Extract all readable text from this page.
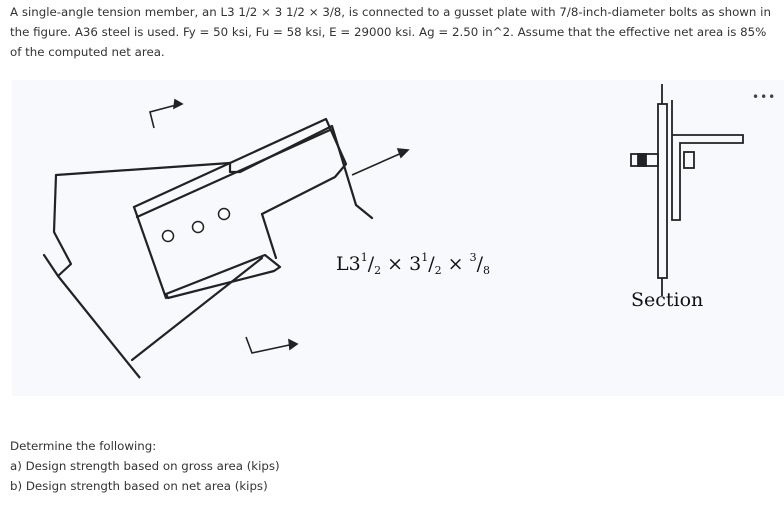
A single-angle tension member, an L3 1/2 × 3 1/2 × 3/8, is connected to a gusset plate with 7/8-inch-diameter bolts as shown in the figure. A36 steel is used. Fy = 50 ksi, Fu = 58 ksi, E = 29000 ksi. Ag = 2.50 in^2. Assume that the effective net area is 85% of the computed net area.

•••
$L3^1/_2 \times 3^1/_2 \times ^3/_8$
Section

Determine the following:

a) Design strength based on gross area (kips)

b) Design strength based on net area (kips)
